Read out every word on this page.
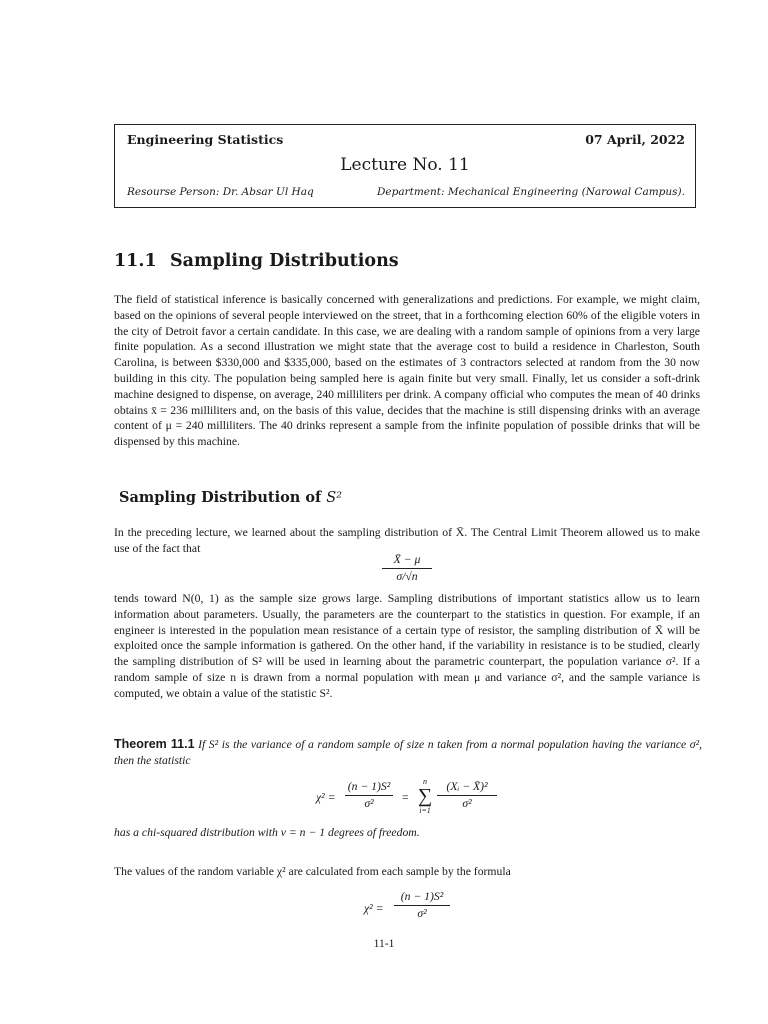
Engineering Statistics	07 April, 2022
Lecture No. 11
Resourse Person: Dr. Absar Ul Haq	Department: Mechanical Engineering (Narowal Campus).
11.1 Sampling Distributions
The field of statistical inference is basically concerned with generalizations and predictions. For example, we might claim, based on the opinions of several people interviewed on the street, that in a forthcoming election 60% of the eligible voters in the city of Detroit favor a certain candidate. In this case, we are dealing with a random sample of opinions from a very large finite population. As a second illustration we might state that the average cost to build a residence in Charleston, South Carolina, is between $330,000 and $335,000, based on the estimates of 3 contractors selected at random from the 30 now building in this city. The population being sampled here is again finite but very small. Finally, let us consider a soft-drink machine designed to dispense, on average, 240 milliliters per drink. A company official who computes the mean of 40 drinks obtains x̄ = 236 milliliters and, on the basis of this value, decides that the machine is still dispensing drinks with an average content of μ = 240 milliliters. The 40 drinks represent a sample from the infinite population of possible drinks that will be dispensed by this machine.
Sampling Distribution of S²
In the preceding lecture, we learned about the sampling distribution of X̄. The Central Limit Theorem allowed us to make use of the fact that
X̄ − μ
σ/√n
tends toward N(0, 1) as the sample size grows large. Sampling distributions of important statistics allow us to learn information about parameters. Usually, the parameters are the counterpart to the statistics in question. For example, if an engineer is interested in the population mean resistance of a certain type of resistor, the sampling distribution of X̄ will be exploited once the sample information is gathered. On the other hand, if the variability in resistance is to be studied, clearly the sampling distribution of S² will be used in learning about the parametric counterpart, the population variance σ². If a random sample of size n is drawn from a normal population with mean μ and variance σ², and the sample variance is computed, we obtain a value of the statistic S².
Theorem 11.1 If S² is the variance of a random sample of size n taken from a normal population having the variance σ², then the statistic
χ² =
(n − 1)S²
σ²	=
n
∑
i=1
(Xᵢ − X̄)²
σ²
has a chi-squared distribution with v = n − 1 degrees of freedom.
The values of the random variable χ² are calculated from each sample by the formula
χ² =
(n − 1)S²
σ²
11-1
